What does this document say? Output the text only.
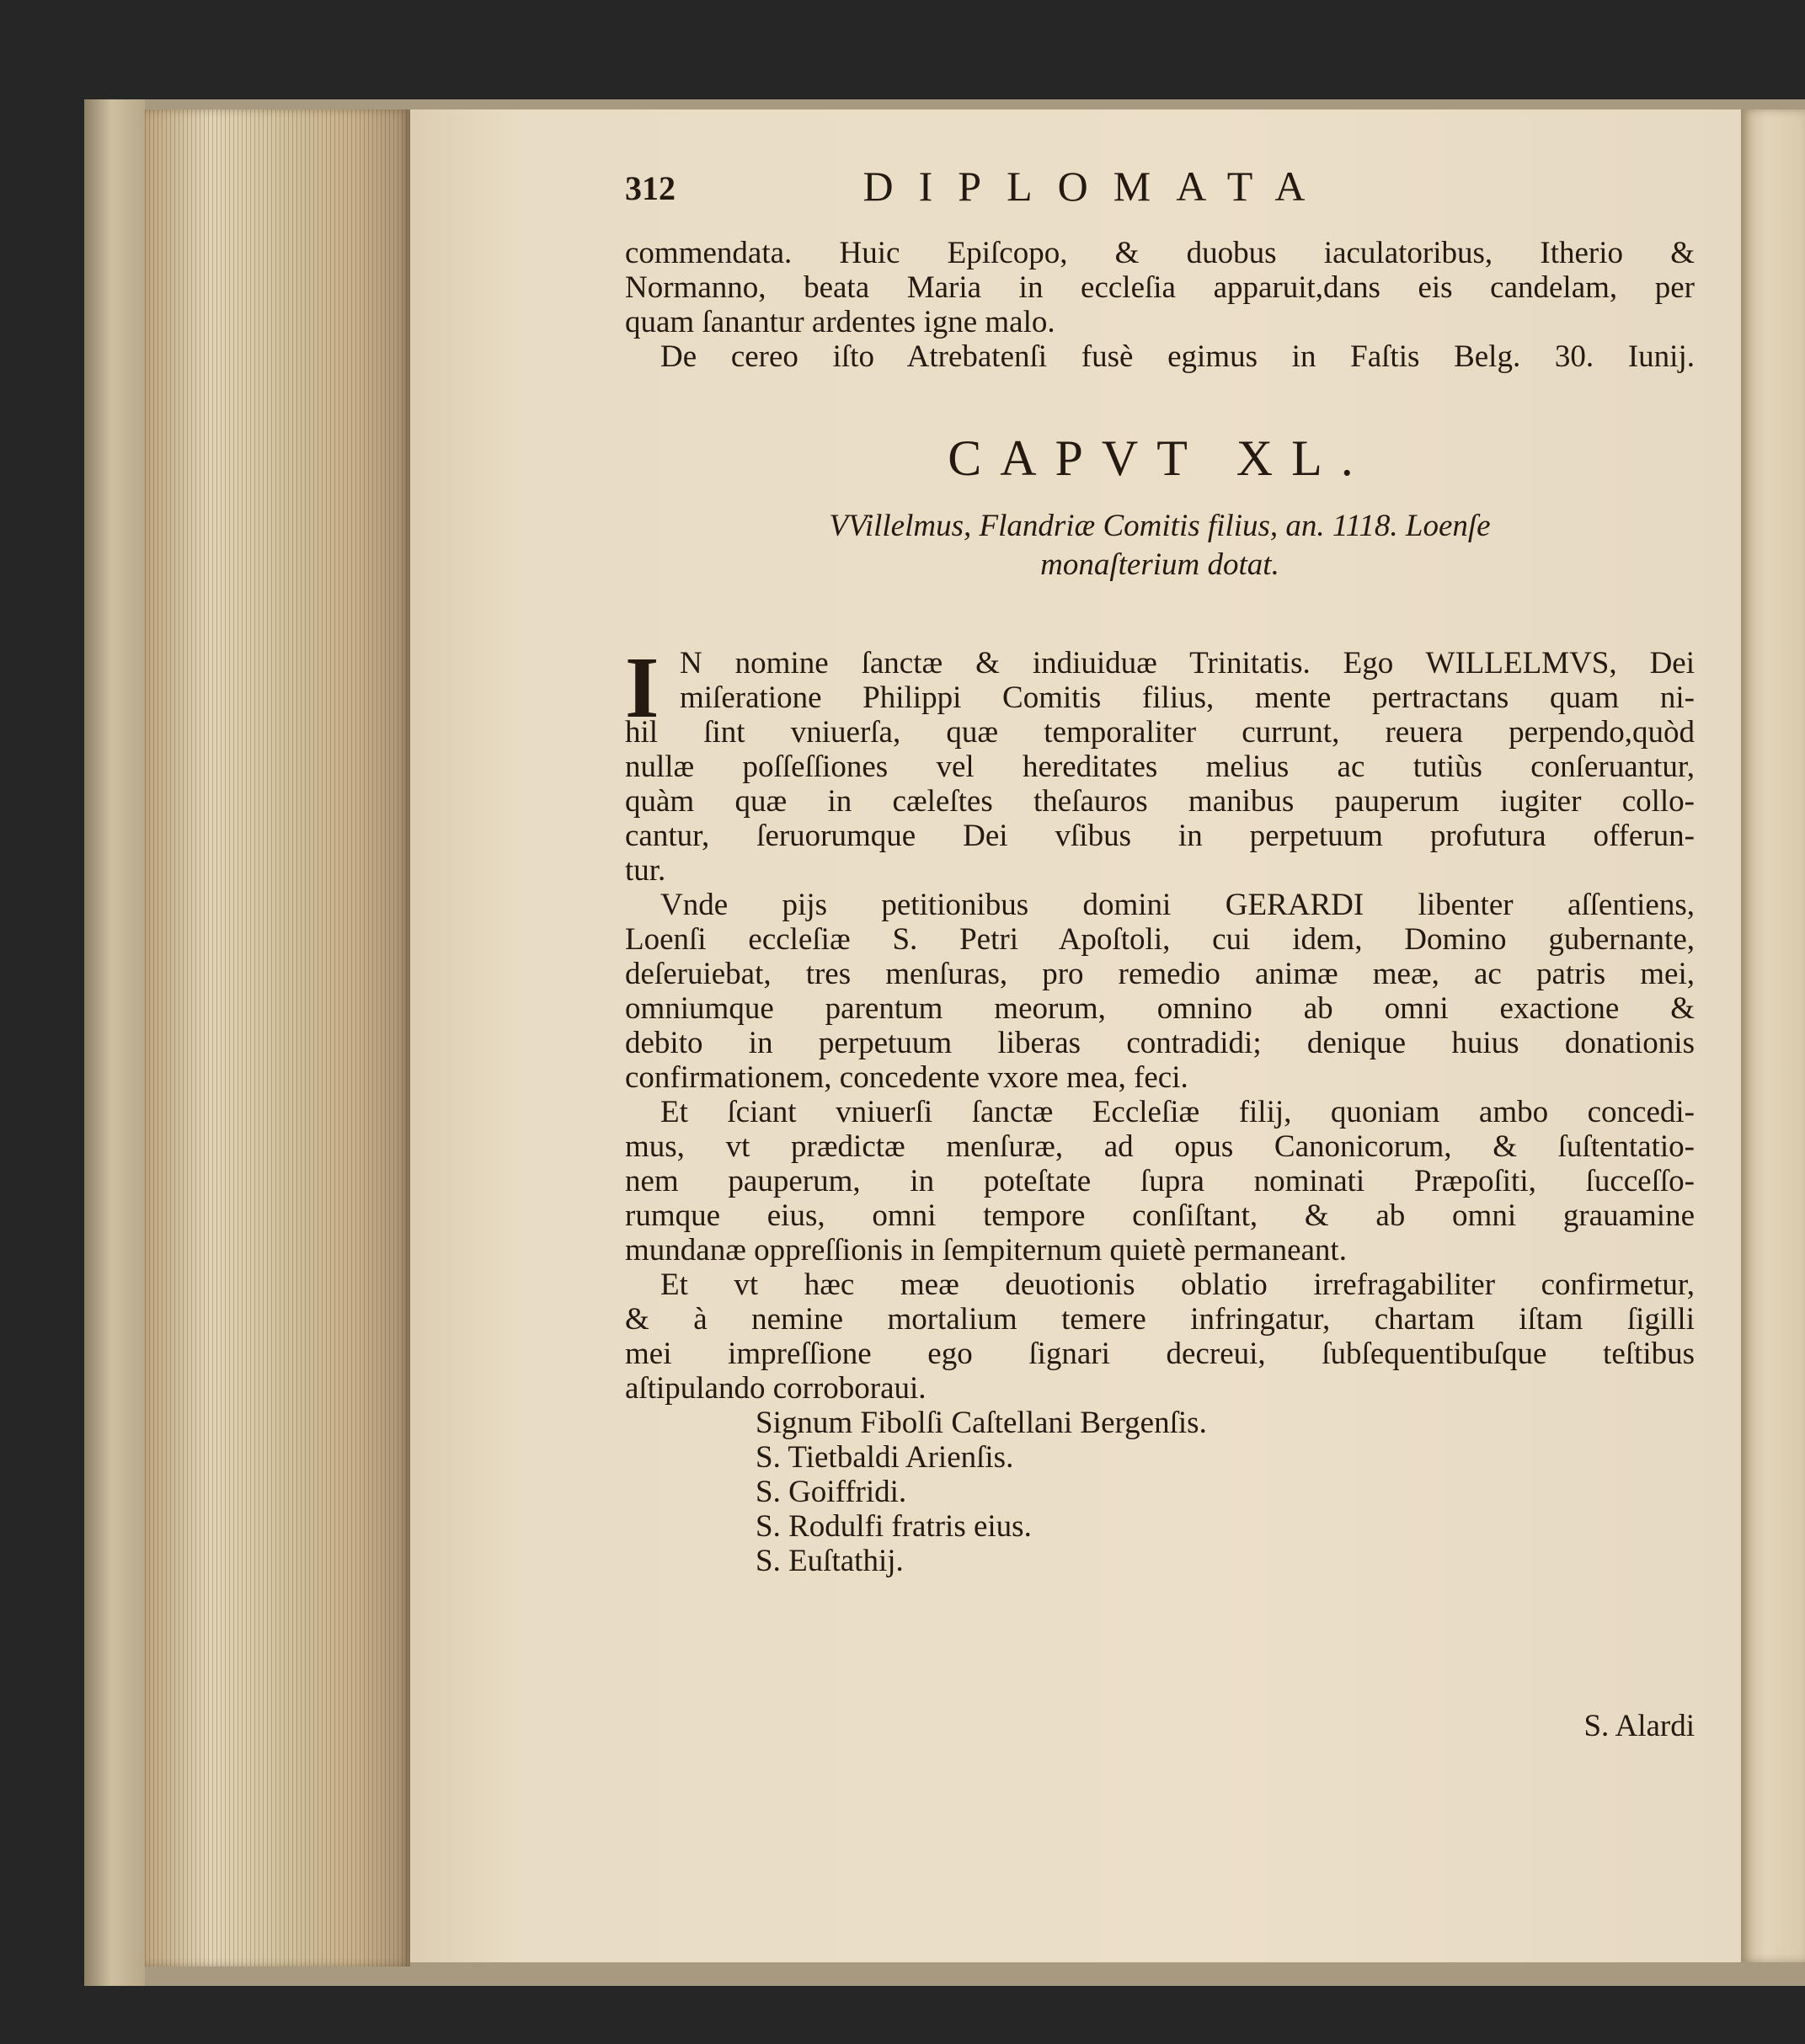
312	DIPLOMATA
commendata. Huic Epiſcopo, & duobus iaculatoribus, Itherio &
Normanno, beata Maria in eccleſia apparuit,dans eis candelam, per
quam ſanantur ardentes igne malo.
De cereo iſto Atrebatenſi fusè egimus in Faſtis Belg. 30. Iunij.
CAPVT XL.
VVillelmus, Flandriæ Comitis filius, an. 1118. Loenſe
monaſterium dotat.
I N nomine ſanctæ & indiuiduæ Trinitatis. Ego WILLELMVS, Dei
miſeratione Philippi Comitis filius, mente pertractans quam ni-
hil ſint vniuerſa, quæ temporaliter currunt, reuera perpendo,quòd
nullæ poſſeſſiones vel hereditates melius ac tutiùs conſeruantur,
quàm quæ in cæleſtes theſauros manibus pauperum iugiter collo-
cantur, ſeruorumque Dei vſibus in perpetuum profutura offerun-
tur.
Vnde pijs petitionibus domini GERARDI libenter aſſentiens,
Loenſi eccleſiæ S. Petri Apoſtoli, cui idem, Domino gubernante,
deſeruiebat, tres menſuras, pro remedio animæ meæ, ac patris mei,
omniumque parentum meorum, omnino ab omni exactione &
debito in perpetuum liberas contradidi; denique huius donationis
confirmationem, concedente vxore mea, feci.
Et ſciant vniuerſi ſanctæ Eccleſiæ filij, quoniam ambo concedi-
mus, vt prædictæ menſuræ, ad opus Canonicorum, & ſuſtentatio-
nem pauperum, in poteſtate ſupra nominati Præpoſiti, ſucceſſo-
rumque eius, omni tempore conſiſtant, & ab omni grauamine
mundanæ oppreſſionis in ſempiternum quietè permaneant.
Et vt hæc meæ deuotionis oblatio irrefragabiliter confirmetur,
& à nemine mortalium temere infringatur, chartam iſtam ſigilli
mei impreſſione ego ſignari decreui, ſubſequentibuſque teſtibus
aſtipulando corroboraui.
Signum Fibolſi Caſtellani Bergenſis.
S. Tietbaldi Arienſis.
S. Goiffridi.
S. Rodulfi fratris eius.
S. Euſtathij.
S. Alardi
